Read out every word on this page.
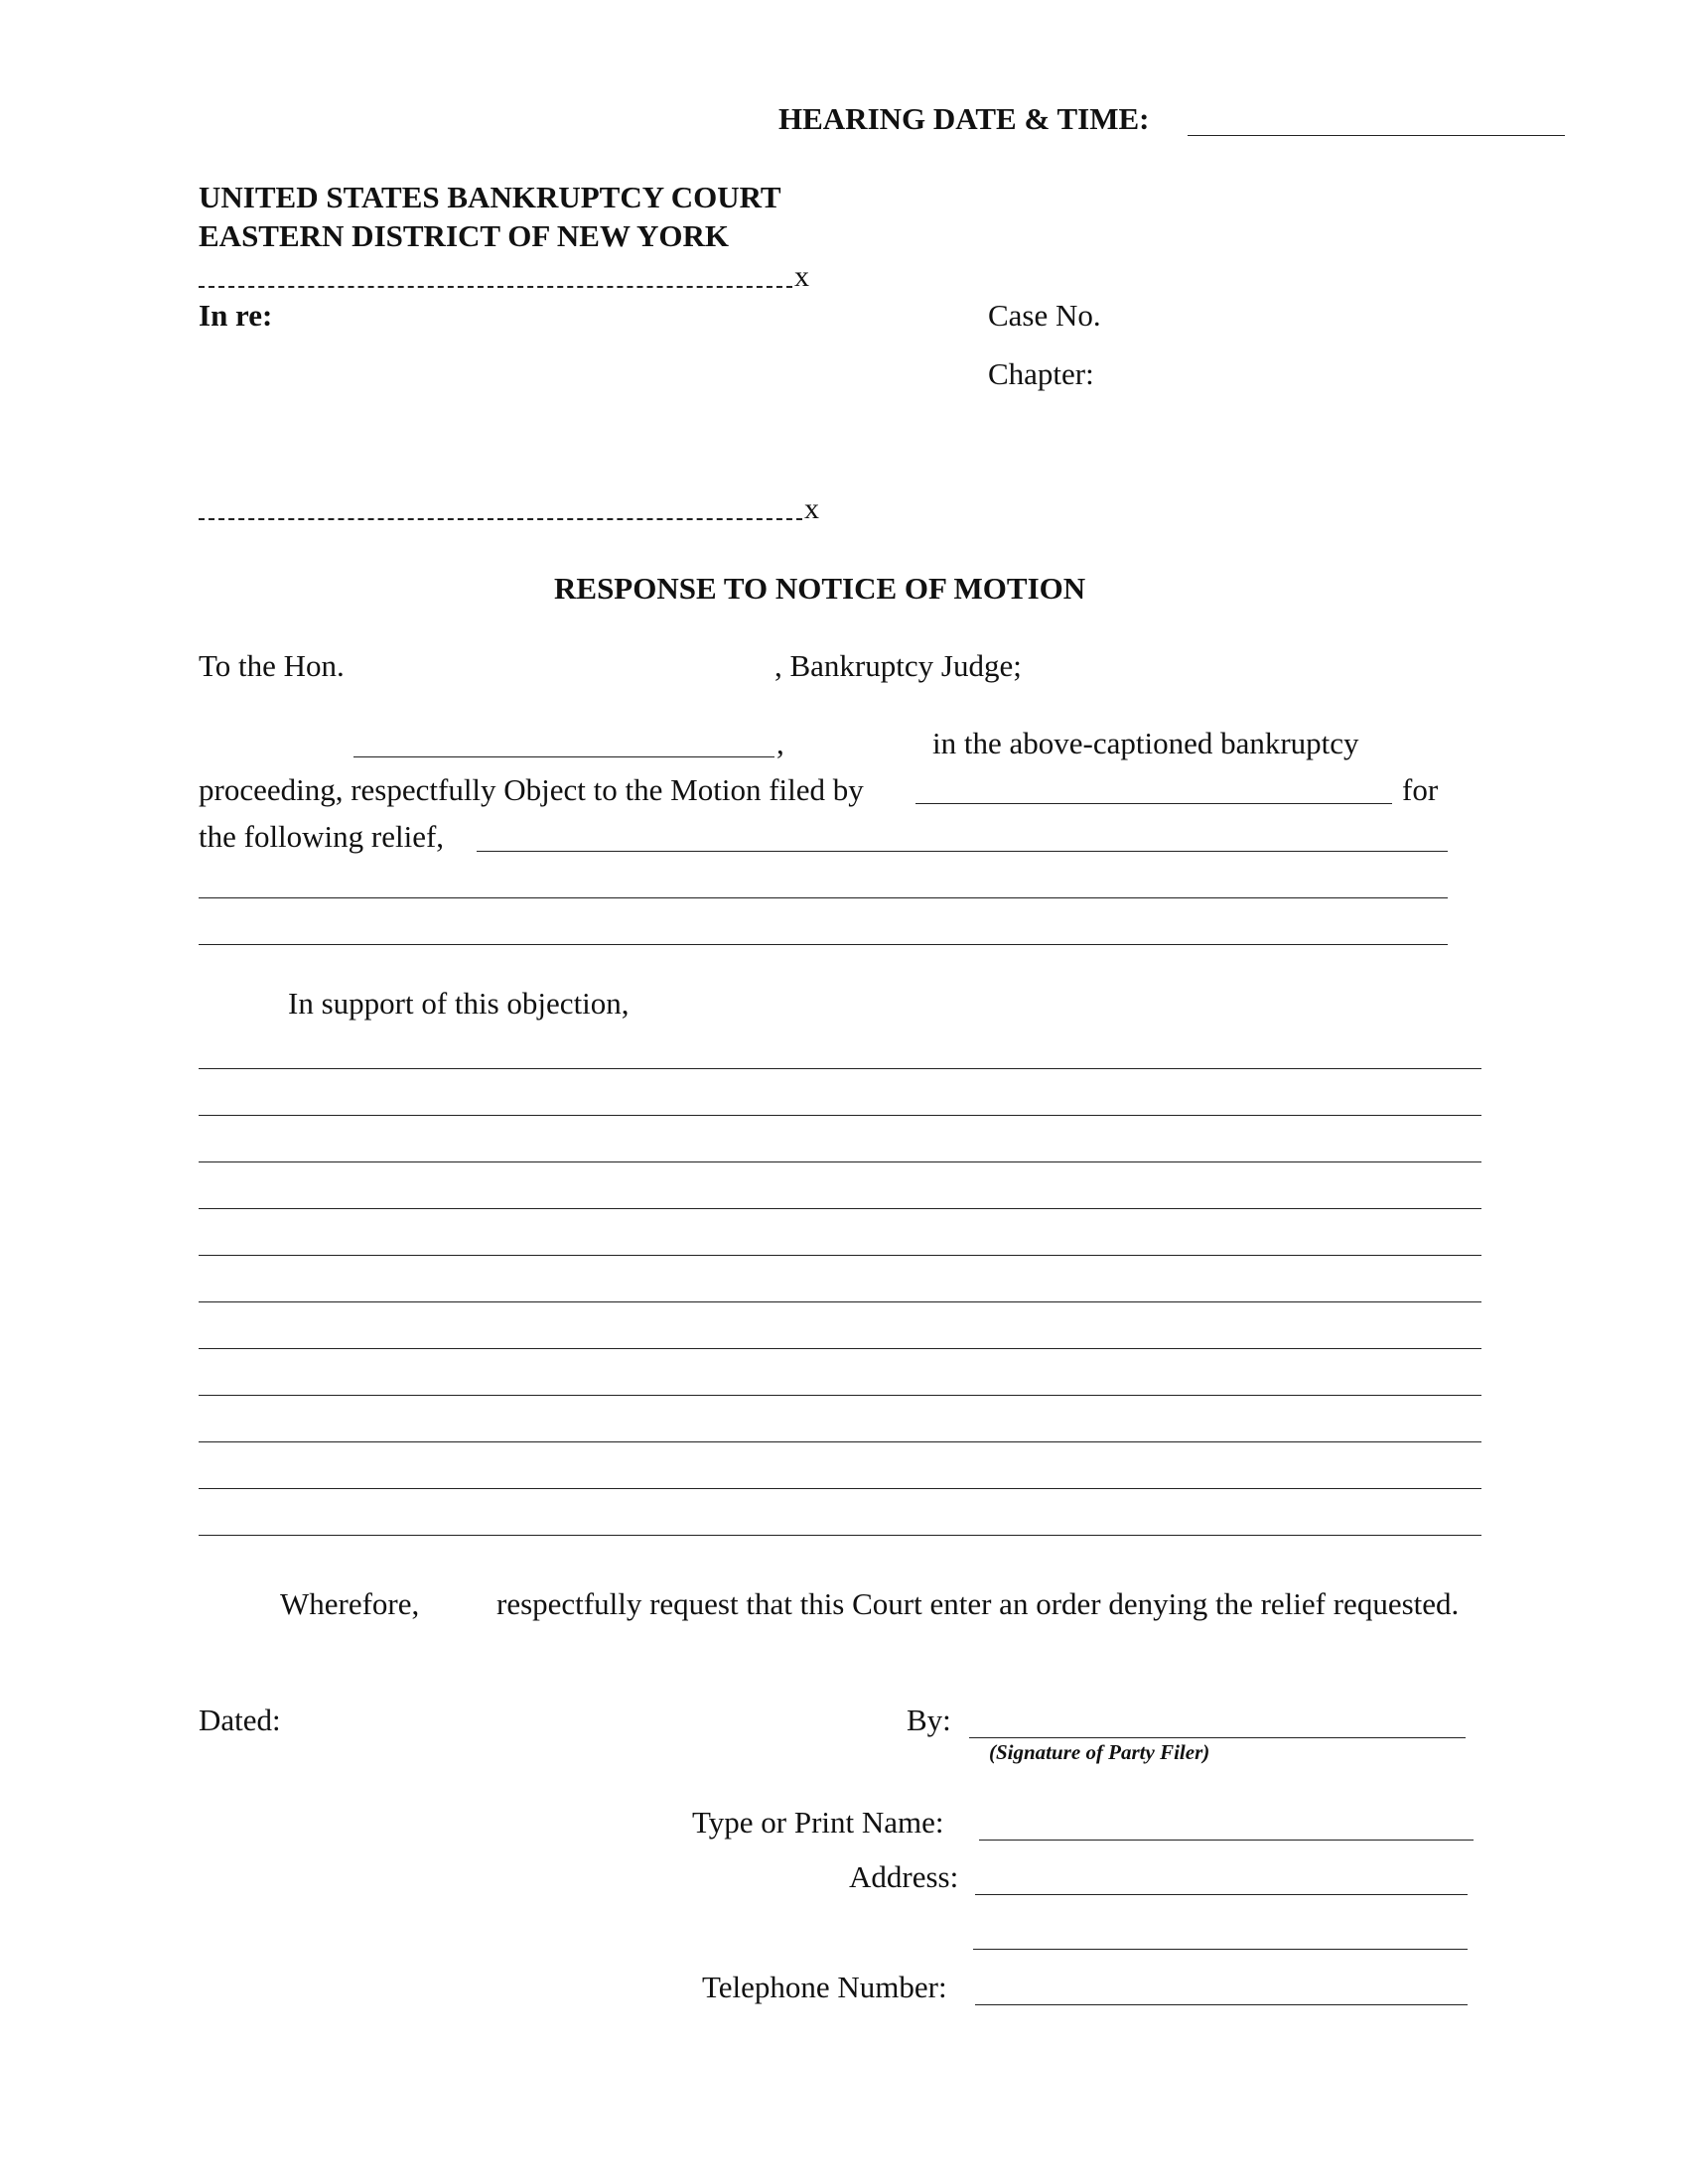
HEARING DATE & TIME:
UNITED STATES BANKRUPTCY COURT
EASTERN DISTRICT OF NEW YORK
x
In re:	Case No.
Chapter:
x
RESPONSE TO NOTICE OF MOTION
To the Hon.	, Bankruptcy Judge;
,	in the above-captioned bankruptcy
proceeding, respectfully Object to the Motion filed by	for
the following relief,
In support of this objection,
Wherefore,	respectfully request that this Court enter an order denying the relief requested.
Dated:	By:
(Signature of Party Filer)
Type or Print Name:
Address:
Telephone Number:
